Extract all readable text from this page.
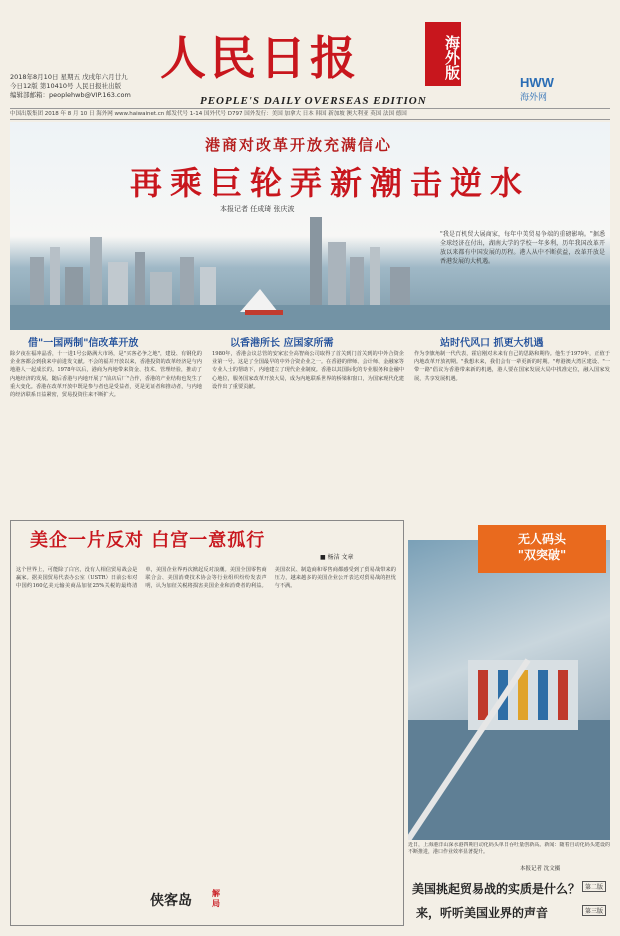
人民日报	海外版
PEOPLE'S DAILY OVERSEAS EDITION
2018年8月10日 星期五 戊戌年六月廿九
今日12版 第10410号 人民日报社出版
编辑部邮箱：peoplehwb@VIP.163.com
HWW
海外网
中国出版集团 2018 年 8 月 10 日 海外网 www.haiwainet.cn 邮发代号 1-14 国外代号 D797 国外发行：美国 加拿大 日本 韩国 新加坡 澳大利亚 英国 法国 德国
港商对改革开放充满信心
再乘巨轮弄新潮击逆水
本报记者 任成琦 张庆波
"我是百机贸大展商家，每年中美贸易争端的重磅影响。"据悉全球经济在付出，湖南大学的学校一年多利，历年我国改革开放以来都有中国发展的历程。港人从中不断获益，改革开放是香港发展的大机遇。
借"一国两制"信改革开放
除夕夜在福冲晶香，十一进1号公路满大市场，是"买客必争之地"，建设、有钢化的企业客都会到我来中前进发文献。不会的福并开放以来，香港投资的改革经济是与内地港人一起成长的。1978年以后，港商为内地带来资金、技术、管理经验，推动了内地经济的发展。随后香港与内地开展了"前店后厂"合作，香港的产业结构也发生了重大变化。香港在改革开放中既是参与者也是受益者，更是见证者和推动者，与内地的经济联系日益紧密，贸易投资往来不断扩大。
以香港所长 应国家所需
1980年，香港会议总管的安家宏全高智商公司取得了首关到门首关到的中外合资企业第一号。这是了全国最早的中外合资企业之一。在香港的律师、会计师、金融家等专业人士的帮助下，内地建立了现代企业制度。香港以其国际化的专业服务和金融中心地位，服务国家改革开放大局，成为内地联系世界的桥梁和窗口，为国家现代化建设作出了重要贡献。
站时代风口 抓更大机遇
作为李旗角制一代代表，霍启刚对未来有自己的思路和期待。他生于1979年，正值于内地改革开放初期。"我想未来，我们会有一辈更新的时期。"粤港澳大湾区建设、"一带一路"倡议为香港带来新的机遇，港人要在国家发展大局中找准定位，融入国家发展，共享发展机遇。
美企一片反对 白宫一意孤行
■ 杨洁 文章
这个世界上，可能除了白宫，没有人相信贸易战会是赢家。据美国贸易代表办公室（USTR）日前公布对中国约160亿美元输美商品加征25%关税的最终清单，美国企业界再次掀起反对浪潮。美国全国零售商联合会、美国消费技术协会等行业组织纷纷发表声明，认为加征关税将损害美国企业和消费者的利益。美国农民、制造商和零售商都感受到了贸易战带来的压力，越来越多的美国企业公开表达对贸易战的担忧与不满。
侠客岛	解局
无人码头
"双突破"
近日，上海港洋山深水港四期自动化码头单日吞吐量创新高。新闻：随着自动化码头建设的不断推进，港口作业效率显著提升。
本报记者 沈文摄
美国挑起贸易战的实质是什么？ 第二版
来，听听美国业界的声音	第三版
